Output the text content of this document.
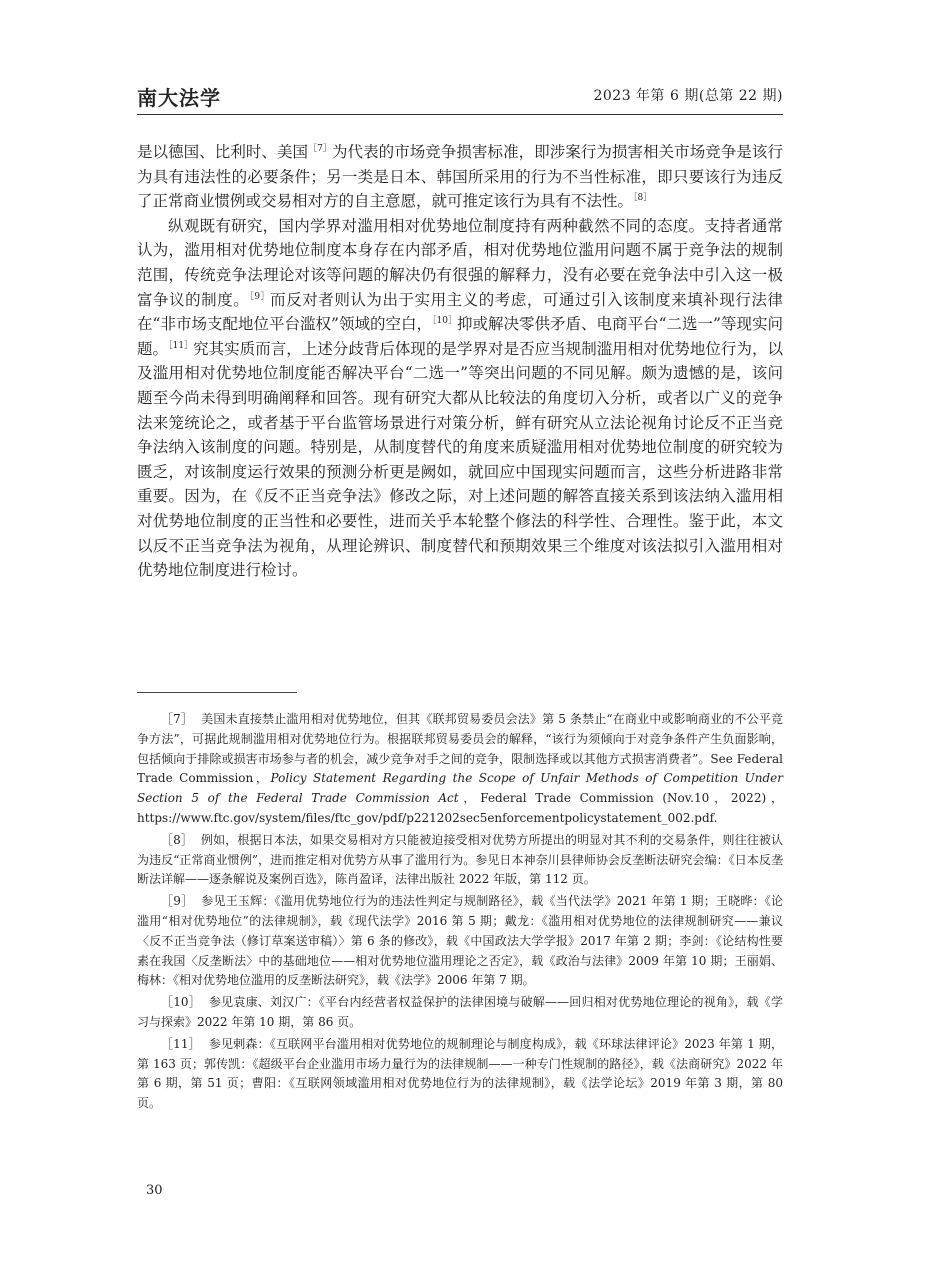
南大法学	2023 年第 6 期(总第 22 期)

是以德国、比利时、美国$^{[7]}$为代表的市场竞争损害标准，即涉案行为损害相关市场竞争是该行为具有违法性的必要条件；另一类是日本、韩国所采用的行为不当性标准，即只要该行为违反了正常商业惯例或交易相对方的自主意愿，就可推定该行为具有不法性。$^{[8]}$

纵观既有研究，国内学界对滥用相对优势地位制度持有两种截然不同的态度。支持者通常认为，滥用相对优势地位制度本身存在内部矛盾，相对优势地位滥用问题不属于竞争法的规制范围，传统竞争法理论对该等问题的解决仍有很强的解释力，没有必要在竞争法中引入这一极富争议的制度。$^{[9]}$而反对者则认为出于实用主义的考虑，可通过引入该制度来填补现行法律在“非市场支配地位平台滥权”领域的空白，$^{[10]}$抑或解决零供矛盾、电商平台“二选一”等现实问题。$^{[11]}$究其实质而言，上述分歧背后体现的是学界对是否应当规制滥用相对优势地位行为，以及滥用相对优势地位制度能否解决平台“二选一”等突出问题的不同见解。颇为遗憾的是，该问题至今尚未得到明确阐释和回答。现有研究大都从比较法的角度切入分析，或者以广义的竞争法来笼统论之，或者基于平台监管场景进行对策分析，鲜有研究从立法论视角讨论反不正当竞争法纳入该制度的问题。特别是，从制度替代的角度来质疑滥用相对优势地位制度的研究较为匮乏，对该制度运行效果的预测分析更是阙如，就回应中国现实问题而言，这些分析进路非常重要。因为，在《反不正当竞争法》修改之际，对上述问题的解答直接关系到该法纳入滥用相对优势地位制度的正当性和必要性，进而关乎本轮整个修法的科学性、合理性。鉴于此，本文以反不正当竞争法为视角，从理论辨识、制度替代和预期效果三个维度对该法拟引入滥用相对优势地位制度进行检讨。

［7］ 美国未直接禁止滥用相对优势地位，但其《联邦贸易委员会法》第 5 条禁止“在商业中或影响商业的不公平竞争方法”，可据此规制滥用相对优势地位行为。根据联邦贸易委员会的解释，“该行为须倾向于对竞争条件产生负面影响，包括倾向于排除或损害市场参与者的机会，减少竞争对手之间的竞争，限制选择或以其他方式损害消费者”。See Federal Trade Commission，Policy Statement Regarding the Scope of Unfair Methods of Competition Under Section 5 of the Federal Trade Commission Act，Federal Trade Commission (Nov.10，2022)，https://www.ftc.gov/system/files/ftc_gov/pdf/p221202sec5enforcementpolicystatement_002.pdf.

［8］ 例如，根据日本法，如果交易相对方只能被迫接受相对优势方所提出的明显对其不利的交易条件，则往往被认为违反“正常商业惯例”，进而推定相对优势方从事了滥用行为。参见日本神奈川县律师协会反垄断法研究会编：《日本反垄断法详解——逐条解说及案例百选》，陈肖盈译，法律出版社 2022 年版，第 112 页。

［9］ 参见王玉辉：《滥用优势地位行为的违法性判定与规制路径》，载《当代法学》2021 年第 1 期；王晓晔：《论滥用“相对优势地位”的法律规制》，载《现代法学》2016 第 5 期；戴龙：《滥用相对优势地位的法律规制研究——兼议〈反不正当竞争法（修订草案送审稿）〉第 6 条的修改》，载《中国政法大学学报》2017 年第 2 期；李剑：《论结构性要素在我国〈反垄断法〉中的基础地位——相对优势地位滥用理论之否定》，载《政治与法律》2009 年第 10 期；王丽娟、梅林：《相对优势地位滥用的反垄断法研究》，载《法学》2006 年第 7 期。

［10］ 参见袁康、刘汉广：《平台内经营者权益保护的法律困境与破解——回归相对优势地位理论的视角》，载《学习与探索》2022 年第 10 期，第 86 页。

［11］ 参见剌森：《互联网平台滥用相对优势地位的规制理论与制度构成》，载《环球法律评论》2023 年第 1 期，第 163 页；郭传凯：《超级平台企业滥用市场力量行为的法律规制——一种专门性规制的路径》，载《法商研究》2022 年第 6 期，第 51 页；曹阳：《互联网领域滥用相对优势地位行为的法律规制》，载《法学论坛》2019 年第 3 期，第 80 页。

30
